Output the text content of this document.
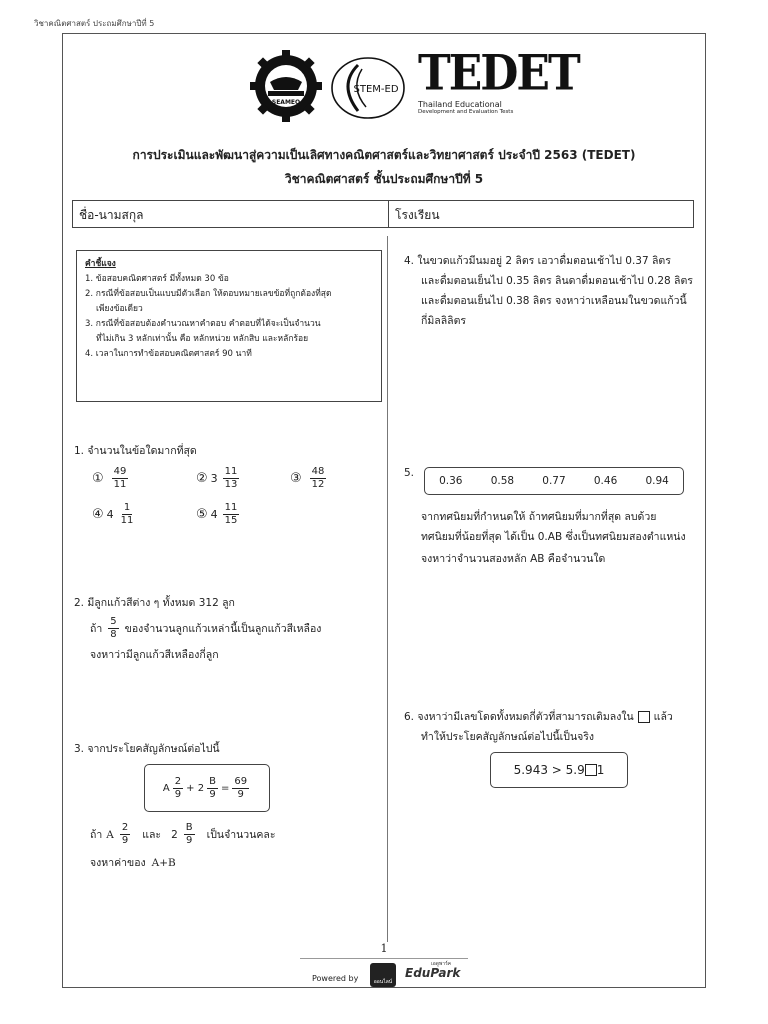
วิชาคณิตศาสตร์ ประถมศึกษาปีที่ 5
SEAMEO
STEM-ED TEDET
Thailand Educational
Development and Evaluation Tests
การประเมินและพัฒนาสู่ความเป็นเลิศทางคณิตศาสตร์และวิทยาศาสตร์ ประจำปี 2563 (TEDET)
วิชาคณิตศาสตร์ ชั้นประถมศึกษาปีที่ 5
ชื่อ-นามสกุล	โรงเรียน
คำชี้แจง
1. ข้อสอบคณิตศาสตร์ มีทั้งหมด 30 ข้อ
2. กรณีที่ข้อสอบเป็นแบบมีตัวเลือก ให้ตอบหมายเลขข้อที่ถูกต้องที่สุด
เพียงข้อเดียว
3. กรณีที่ข้อสอบต้องคำนวณหาคำตอบ คำตอบที่ได้จะเป็นจำนวน
ที่ไม่เกิน 3 หลักเท่านั้น คือ หลักหน่วย หลักสิบ และหลักร้อย
4. เวลาในการทำข้อสอบคณิตศาสตร์ 90 นาที
1. จำนวนในข้อใดมากที่สุด
① $\frac{49}{11}$	② $3 \frac{11}{13}$	③ $\frac{48}{12}$
④ $4 \frac{1}{11}$	⑤ $4 \frac{11}{15}$
2. มีลูกแก้วสีต่าง ๆ ทั้งหมด 312 ลูก
ถ้า $\frac{5}{8}$ ของจำนวนลูกแก้วเหล่านี้เป็นลูกแก้วสีเหลือง
จงหาว่ามีลูกแก้วสีเหลืองกี่ลูก
3. จากประโยคสัญลักษณ์ต่อไปนี้
A $\frac{2}{9} + 2 \frac{B}{9} = \frac{69}{9}$
ถ้า A $\frac{2}{9}$ และ $2 \frac{B}{9}$ เป็นจำนวนคละ
จงหาค่าของ A+B
4. ในขวดแก้วมีนมอยู่ 2 ลิตร เอวาดื่มตอนเช้าไป 0.37 ลิตร
และดื่มตอนเย็นไป 0.35 ลิตร ลินดาดื่มตอนเช้าไป 0.28 ลิตร
และดื่มตอนเย็นไป 0.38 ลิตร จงหาว่าเหลือนมในขวดแก้วนี้
กี่มิลลิลิตร
5.
0.36	0.58	0.77	0.46	0.94
จากทศนิยมที่กำหนดให้ ถ้าทศนิยมที่มากที่สุด ลบด้วย
ทศนิยมที่น้อยที่สุด ได้เป็น 0.AB ซึ่งเป็นทศนิยมสองตำแหน่ง
จงหาว่าจำนวนสองหลัก AB คือจำนวนใด
6. จงหาว่ามีเลขโดดทั้งหมดกี่ตัวที่สามารถเติมลงใน แล้ว
ทำให้ประโยคสัญลักษณ์ต่อไปนี้เป็นจริง
5.943 > 5.9 1
1
Powered by	ออนไลน์
เอดูพาร์ค
EduPark
